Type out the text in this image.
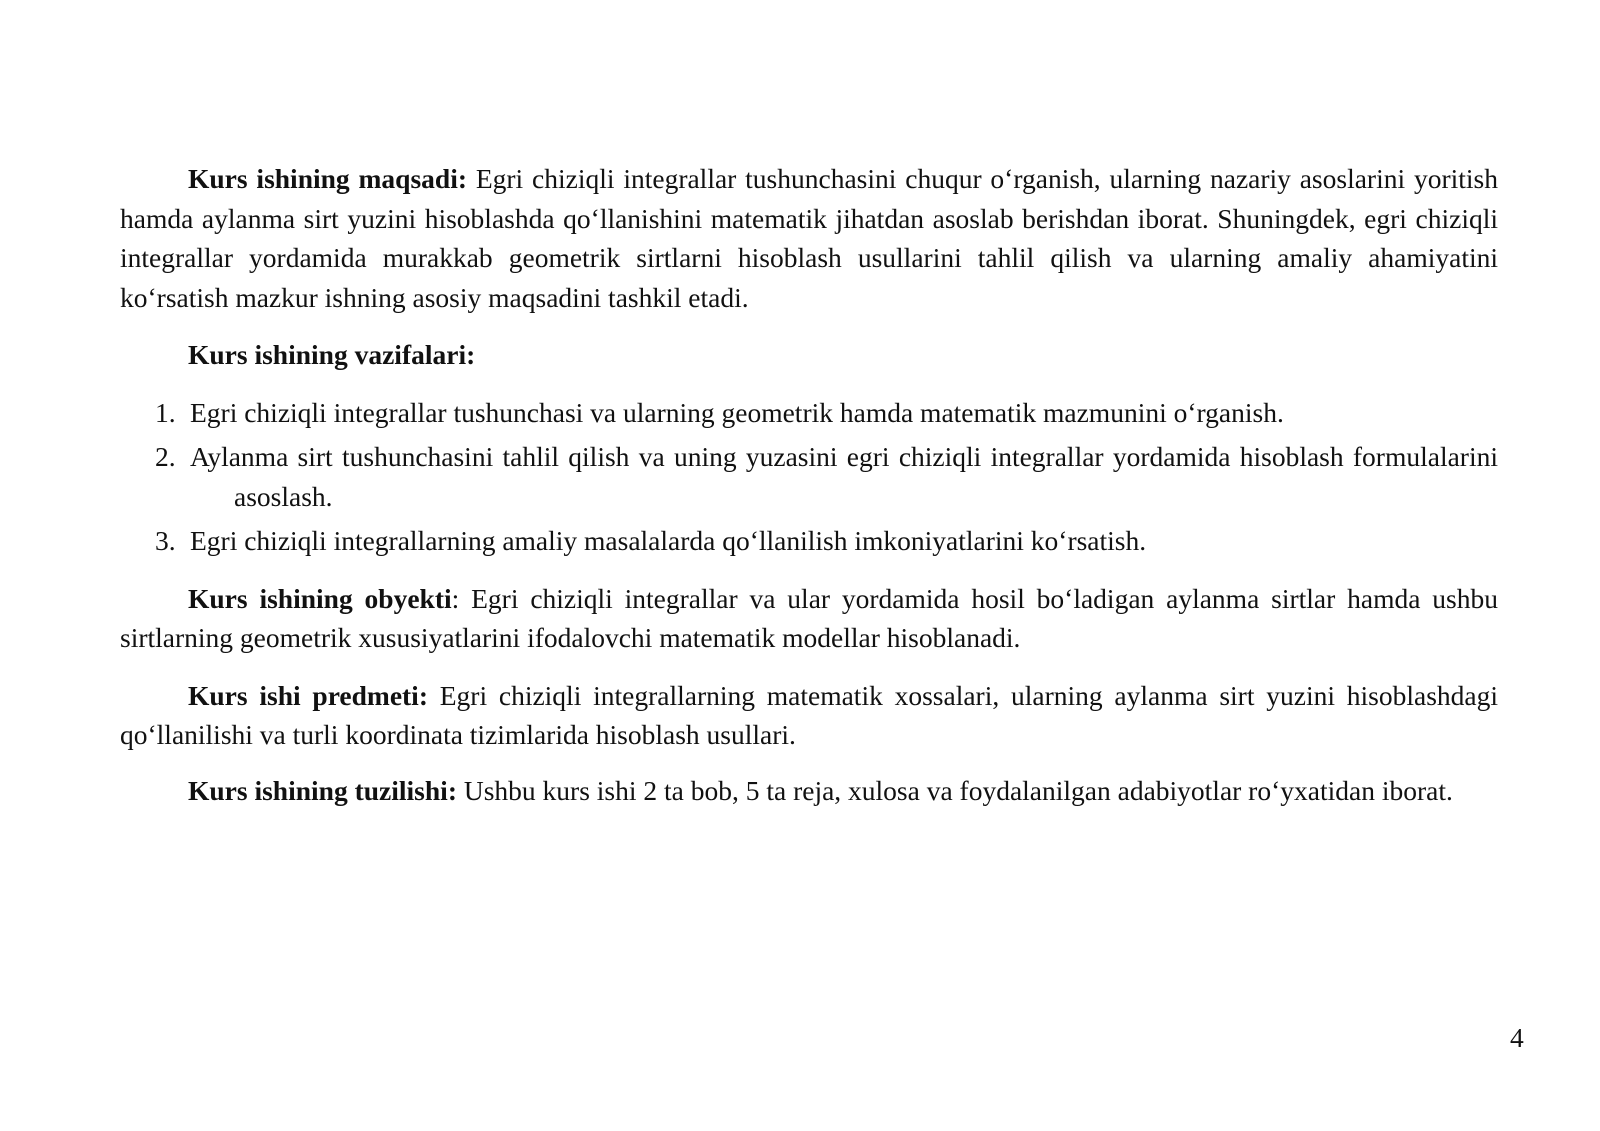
Kurs ishining maqsadi: Egri chiziqli integrallar tushunchasini chuqur o‘rganish, ularning nazariy asoslarini yoritish hamda aylanma sirt yuzini hisoblashda qo‘llanishini matematik jihatdan asoslab berishdan iborat. Shuningdek, egri chiziqli integrallar yordamida murakkab geometrik sirtlarni hisoblash usullarini tahlil qilish va ularning amaliy ahamiyatini ko‘rsatish mazkur ishning asosiy maqsadini tashkil etadi.

Kurs ishining vazifalari:
1. Egri chiziqli integrallar tushunchasi va ularning geometrik hamda matematik mazmunini o‘rganish.
2. Aylanma sirt tushunchasini tahlil qilish va uning yuzasini egri chiziqli integrallar yordamida hisoblash formulalariniasoslash.
3. Egri chiziqli integrallarning amaliy masalalarda qo‘llanilish imkoniyatlarini ko‘rsatish.

Kurs ishining obyekti: Egri chiziqli integrallar va ular yordamida hosil bo‘ladigan aylanma sirtlar hamda ushbu sirtlarning geometrik xususiyatlarini ifodalovchi matematik modellar hisoblanadi.

Kurs ishi predmeti: Egri chiziqli integrallarning matematik xossalari, ularning aylanma sirt yuzini hisoblashdagi qo‘llanilishi va turli koordinata tizimlarida hisoblash usullari.

Kurs ishining tuzilishi: Ushbu kurs ishi 2 ta bob, 5 ta reja, xulosa va foydalanilgan adabiyotlar ro‘yxatidan iborat.

4
